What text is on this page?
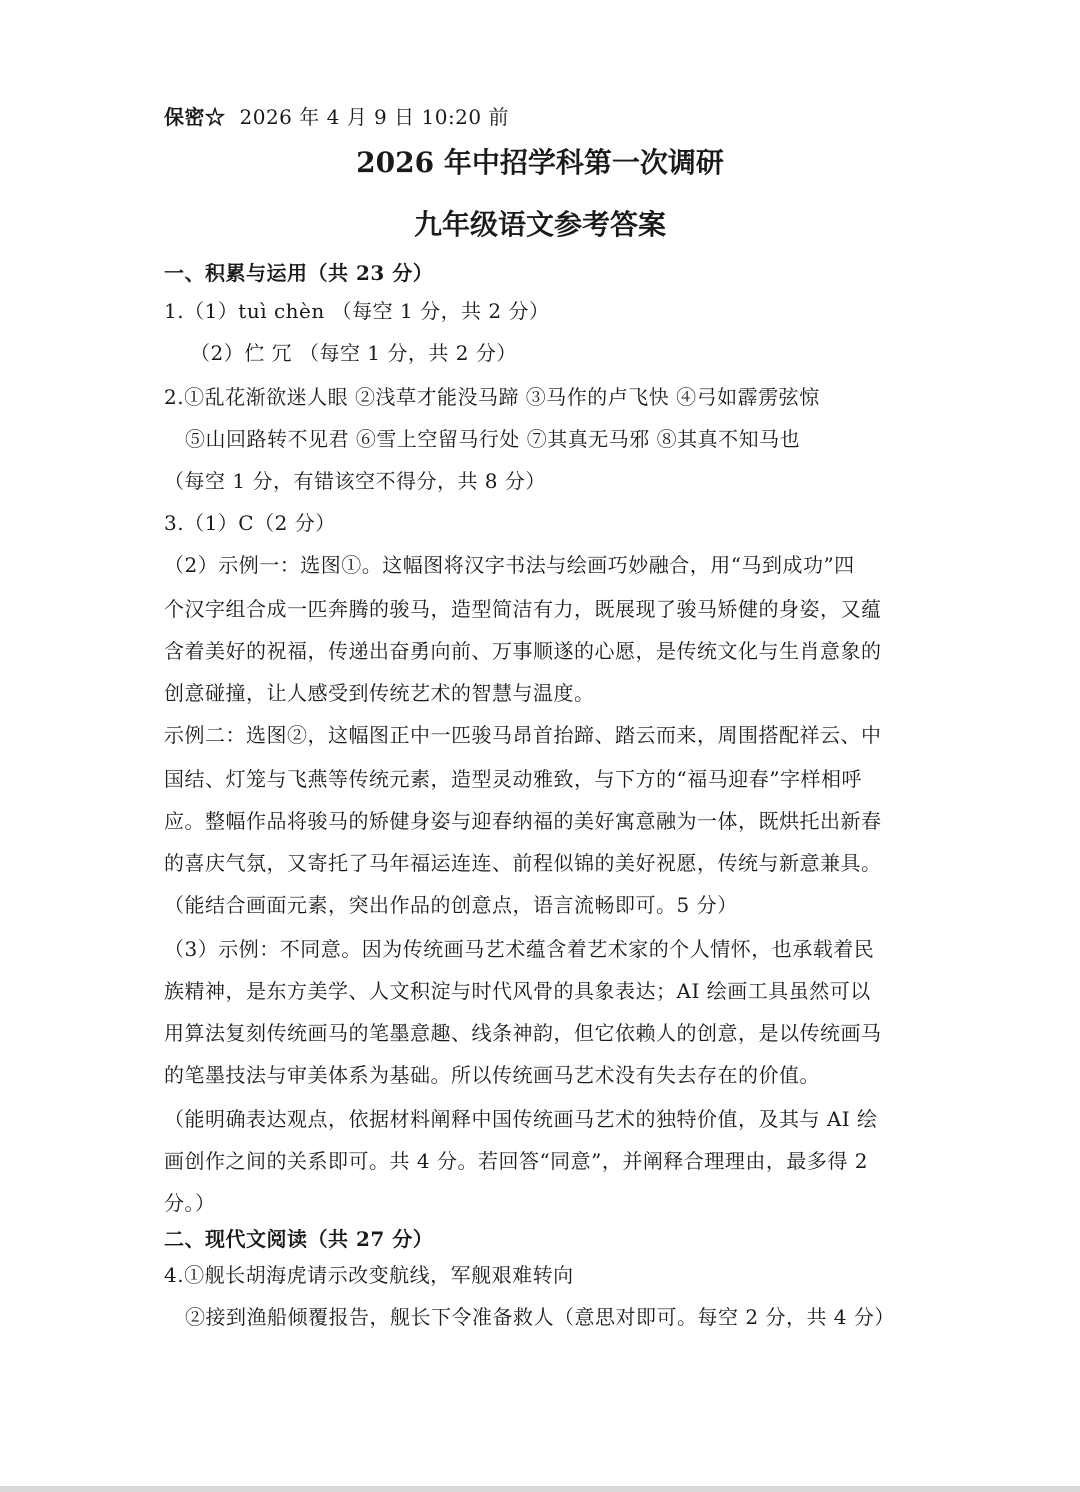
保密☆ 2026 年 4 月 9 日 10:20 前
2026 年中招学科第一次调研
九年级语文参考答案
一、积累与运用（共 23 分）
1.（1）tuì chèn （每空 1 分，共 2 分）
（2）伫 冗 （每空 1 分，共 2 分）
2.①乱花渐欲迷人眼 ②浅草才能没马蹄 ③马作的卢飞快 ④弓如霹雳弦惊
⑤山回路转不见君 ⑥雪上空留马行处 ⑦其真无马邪 ⑧其真不知马也
（每空 1 分，有错该空不得分，共 8 分）
3.（1）C（2 分）
（2）示例一：选图①。这幅图将汉字书法与绘画巧妙融合，用“马到成功”四
个汉字组合成一匹奔腾的骏马，造型简洁有力，既展现了骏马矫健的身姿，又蕴
含着美好的祝福，传递出奋勇向前、万事顺遂的心愿，是传统文化与生肖意象的
创意碰撞，让人感受到传统艺术的智慧与温度。
示例二：选图②，这幅图正中一匹骏马昂首抬蹄、踏云而来，周围搭配祥云、中
国结、灯笼与飞燕等传统元素，造型灵动雅致，与下方的“福马迎春”字样相呼
应。整幅作品将骏马的矫健身姿与迎春纳福的美好寓意融为一体，既烘托出新春
的喜庆气氛，又寄托了马年福运连连、前程似锦的美好祝愿，传统与新意兼具。
（能结合画面元素，突出作品的创意点，语言流畅即可。5 分）
（3）示例：不同意。因为传统画马艺术蕴含着艺术家的个人情怀，也承载着民
族精神，是东方美学、人文积淀与时代风骨的具象表达；AI 绘画工具虽然可以
用算法复刻传统画马的笔墨意趣、线条神韵，但它依赖人的创意，是以传统画马
的笔墨技法与审美体系为基础。所以传统画马艺术没有失去存在的价值。
（能明确表达观点，依据材料阐释中国传统画马艺术的独特价值，及其与 AI 绘
画创作之间的关系即可。共 4 分。若回答“同意”，并阐释合理理由，最多得 2
分。）
二、现代文阅读（共 27 分）
4.①舰长胡海虎请示改变航线，军舰艰难转向
②接到渔船倾覆报告，舰长下令准备救人（意思对即可。每空 2 分，共 4 分）
